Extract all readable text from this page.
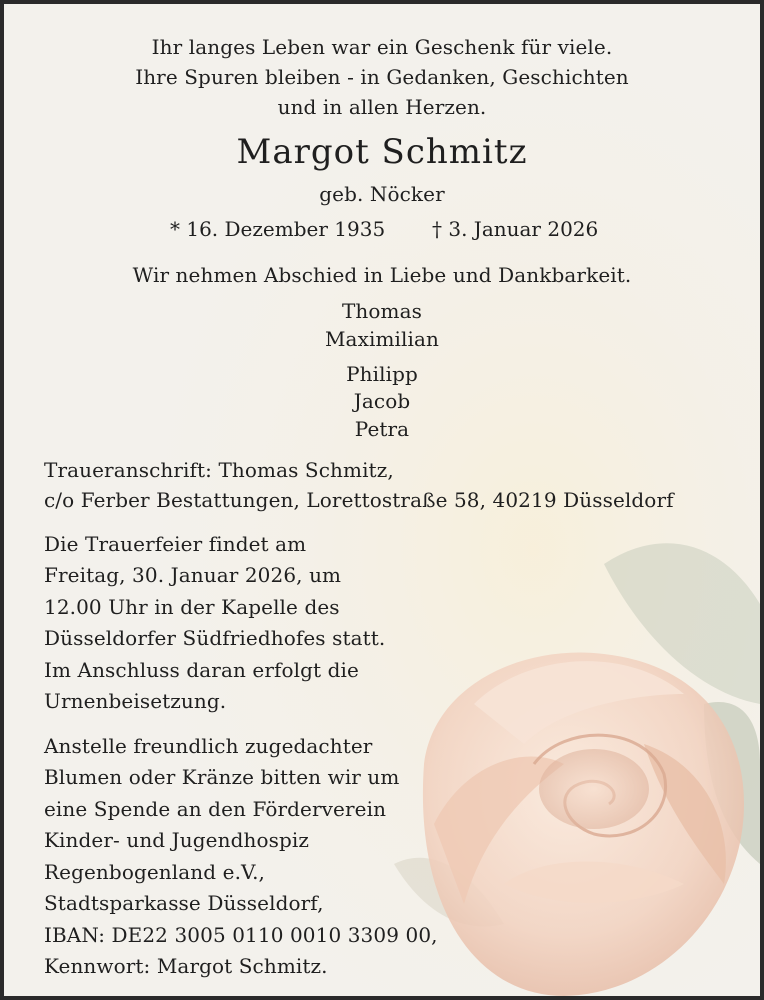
Ihr langes Leben war ein Geschenk für viele.
Ihre Spuren bleiben - in Gedanken, Geschichten
und in allen Herzen.
Margot Schmitz
geb. Nöcker
* 16. Dezember 1935 † 3. Januar 2026
Wir nehmen Abschied in Liebe und Dankbarkeit.
Thomas
Maximilian
Philipp
Jacob
Petra
Traueranschrift: Thomas Schmitz,
c/o Ferber Bestattungen, Lorettostraße 58, 40219 Düsseldorf
Die Trauerfeier findet am
Freitag, 30. Januar 2026, um
12.00 Uhr in der Kapelle des
Düsseldorfer Südfriedhofes statt.
Im Anschluss daran erfolgt die
Urnenbeisetzung.
Anstelle freundlich zugedachter
Blumen oder Kränze bitten wir um
eine Spende an den Förderverein
Kinder- und Jugendhospiz
Regenbogenland e.V.,
Stadtsparkasse Düsseldorf,
IBAN: DE22 3005 0110 0010 3309 00,
Kennwort: Margot Schmitz.
